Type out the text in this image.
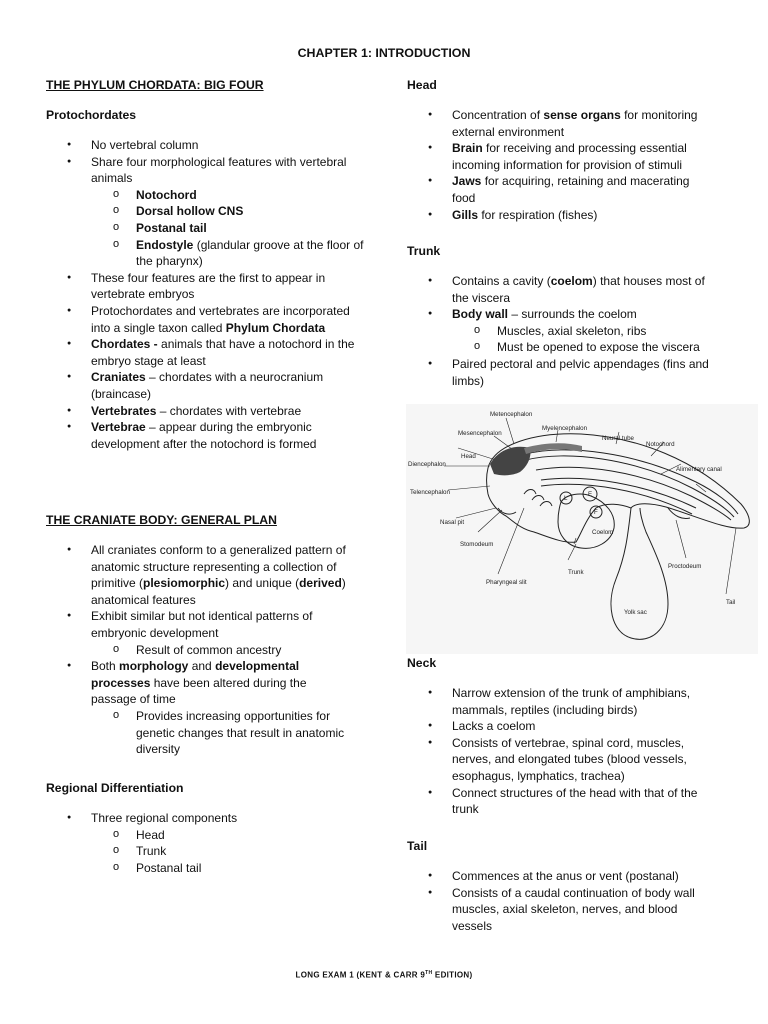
CHAPTER 1: INTRODUCTION
THE PHYLUM CHORDATA: BIG FOUR
Protochordates
● No vertebral column
● Share four morphological features with vertebral animals
o Notochord
o Dorsal hollow CNS
o Postanal tail
o Endostyle (glandular groove at the floor of the pharynx)
● These four features are the first to appear in vertebrate embryos
● Protochordates and vertebrates are incorporated into a single taxon called Phylum Chordata
● Chordates - animals that have a notochord in the embryo stage at least
● Craniates – chordates with a neurocranium (braincase)
● Vertebrates – chordates with vertebrae
● Vertebrae – appear during the embryonic development after the notochord is formed
THE CRANIATE BODY: GENERAL PLAN
● All craniates conform to a generalized pattern of anatomic structure representing a collection of primitive (plesiomorphic) and unique (derived) anatomical features
● Exhibit similar but not identical patterns of embryonic development
o Result of common ancestry
● Both morphology and developmental processes have been altered during the passage of time
o Provides increasing opportunities for genetic changes that result in anatomic diversity
Regional Differentiation
● Three regional components
o Head
o Trunk
o Postanal tail
Head
● Concentration of sense organs for monitoring external environment
● Brain for receiving and processing essential incoming information for provision of stimuli
● Jaws for acquiring, retaining and macerating food
● Gills for respiration (fishes)
Trunk
● Contains a cavity (coelom) that houses most of the viscera
● Body wall – surrounds the coelom
o Muscles, axial skeleton, ribs
o Must be opened to expose the viscera
● Paired pectoral and pelvic appendages (fins and limbs)
Neck
● Narrow extension of the trunk of amphibians, mammals, reptiles (including birds)
● Lacks a coelom
● Consists of vertebrae, spinal cord, muscles, nerves, and elongated tubes (blood vessels, esophagus, lymphatics, trachea)
● Connect structures of the head with that of the trunk
Tail
● Commences at the anus or vent (postanal)
● Consists of a caudal continuation of body wall muscles, axial skeleton, nerves, and blood vessels
Metencephalon
Mesencephalon
Myelencephalon
Neural tube
Notochord
Head
Diencephalon
Alimentary canal
Telencephalon
Nasal pit
Stomodeum
Coelom
Trunk
Pharyngeal slit
Proctodeum
Yolk sac
Tail
E
L
F
LONG EXAM 1 (KENT & CARR 9TH EDITION)
